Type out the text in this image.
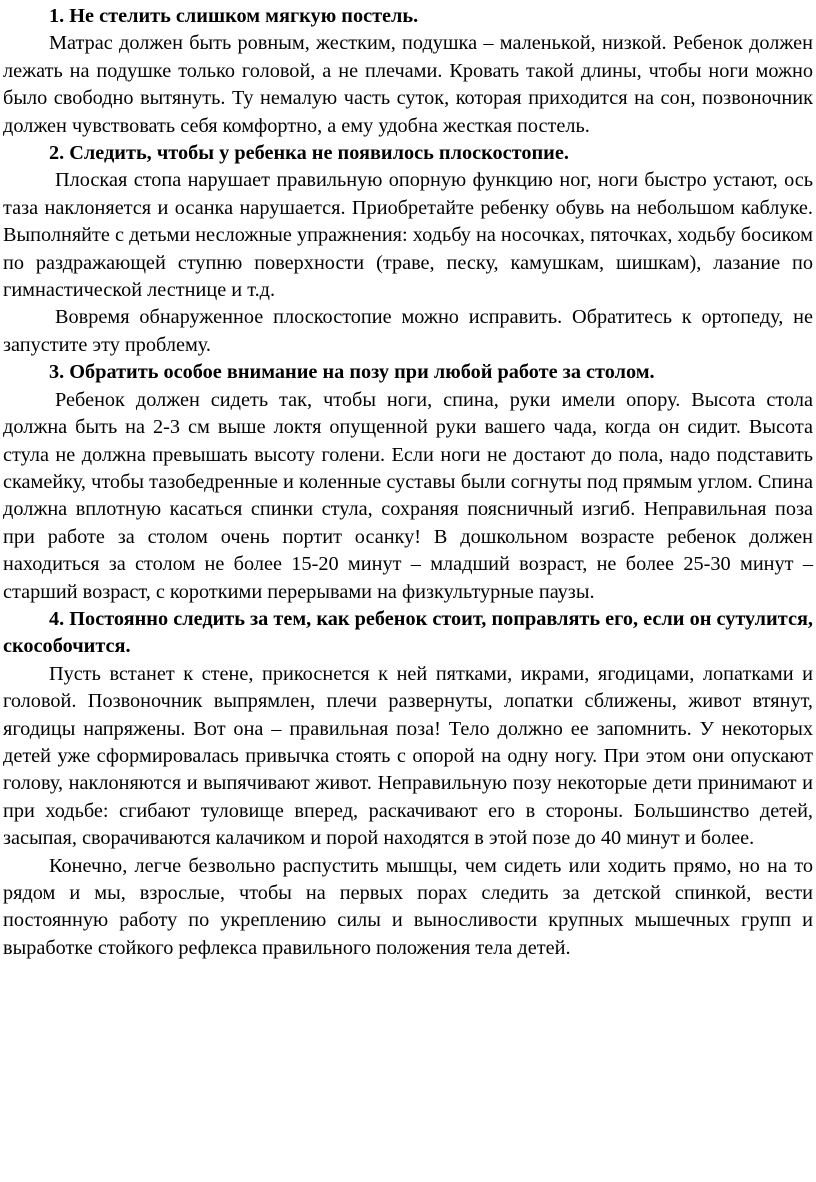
1. Не стелить слишком мягкую постель.

Матрас должен быть ровным, жестким, подушка – маленькой, низкой. Ребенок должен лежать на подушке только головой, а не плечами. Кровать такой длины, чтобы ноги можно было свободно вытянуть. Ту немалую часть суток, которая приходится на сон, позвоночник должен чувствовать себя комфортно, а ему удобна жесткая постель.

2. Следить, чтобы у ребенка не появилось плоскостопие.

Плоская стопа нарушает правильную опорную функцию ног, ноги быстро устают, ось таза наклоняется и осанка нарушается. Приобретайте ребенку обувь на небольшом каблуке. Выполняйте с детьми несложные упражнения: ходьбу на носочках, пяточках, ходьбу босиком по раздражающей ступню поверхности (траве, песку, камушкам, шишкам), лазание по гимнастической лестнице и т.д.

Вовремя обнаруженное плоскостопие можно исправить. Обратитесь к ортопеду, не запустите эту проблему.

3. Обратить особое внимание на позу при любой работе за столом.

Ребенок должен сидеть так, чтобы ноги, спина, руки имели опору. Высота стола должна быть на 2-3 см выше локтя опущенной руки вашего чада, когда он сидит. Высота стула не должна превышать высоту голени. Если ноги не достают до пола, надо подставить скамейку, чтобы тазобедренные и коленные суставы были согнуты под прямым углом. Спина должна вплотную касаться спинки стула, сохраняя поясничный изгиб. Неправильная поза при работе за столом очень портит осанку! В дошкольном возрасте ребенок должен находиться за столом не более 15-20 минут – младший возраст, не более 25-30 минут – старший возраст, с короткими перерывами на физкультурные паузы.

4. Постоянно следить за тем, как ребенок стоит, поправлять его, если он сутулится, скособочится.

Пусть встанет к стене, прикоснется к ней пятками, икрами, ягодицами, лопатками и головой. Позвоночник выпрямлен, плечи развернуты, лопатки сближены, живот втянут, ягодицы напряжены. Вот она – правильная поза! Тело должно ее запомнить. У некоторых детей уже сформировалась привычка стоять с опорой на одну ногу. При этом они опускают голову, наклоняются и выпячивают живот. Неправильную позу некоторые дети принимают и при ходьбе: сгибают туловище вперед, раскачивают его в стороны. Большинство детей, засыпая, сворачиваются калачиком и порой находятся в этой позе до 40 минут и более.

Конечно, легче безвольно распустить мышцы, чем сидеть или ходить прямо, но на то рядом и мы, взрослые, чтобы на первых порах следить за детской спинкой, вести постоянную работу по укреплению силы и выносливости крупных мышечных групп и выработке стойкого рефлекса правильного положения тела детей.
